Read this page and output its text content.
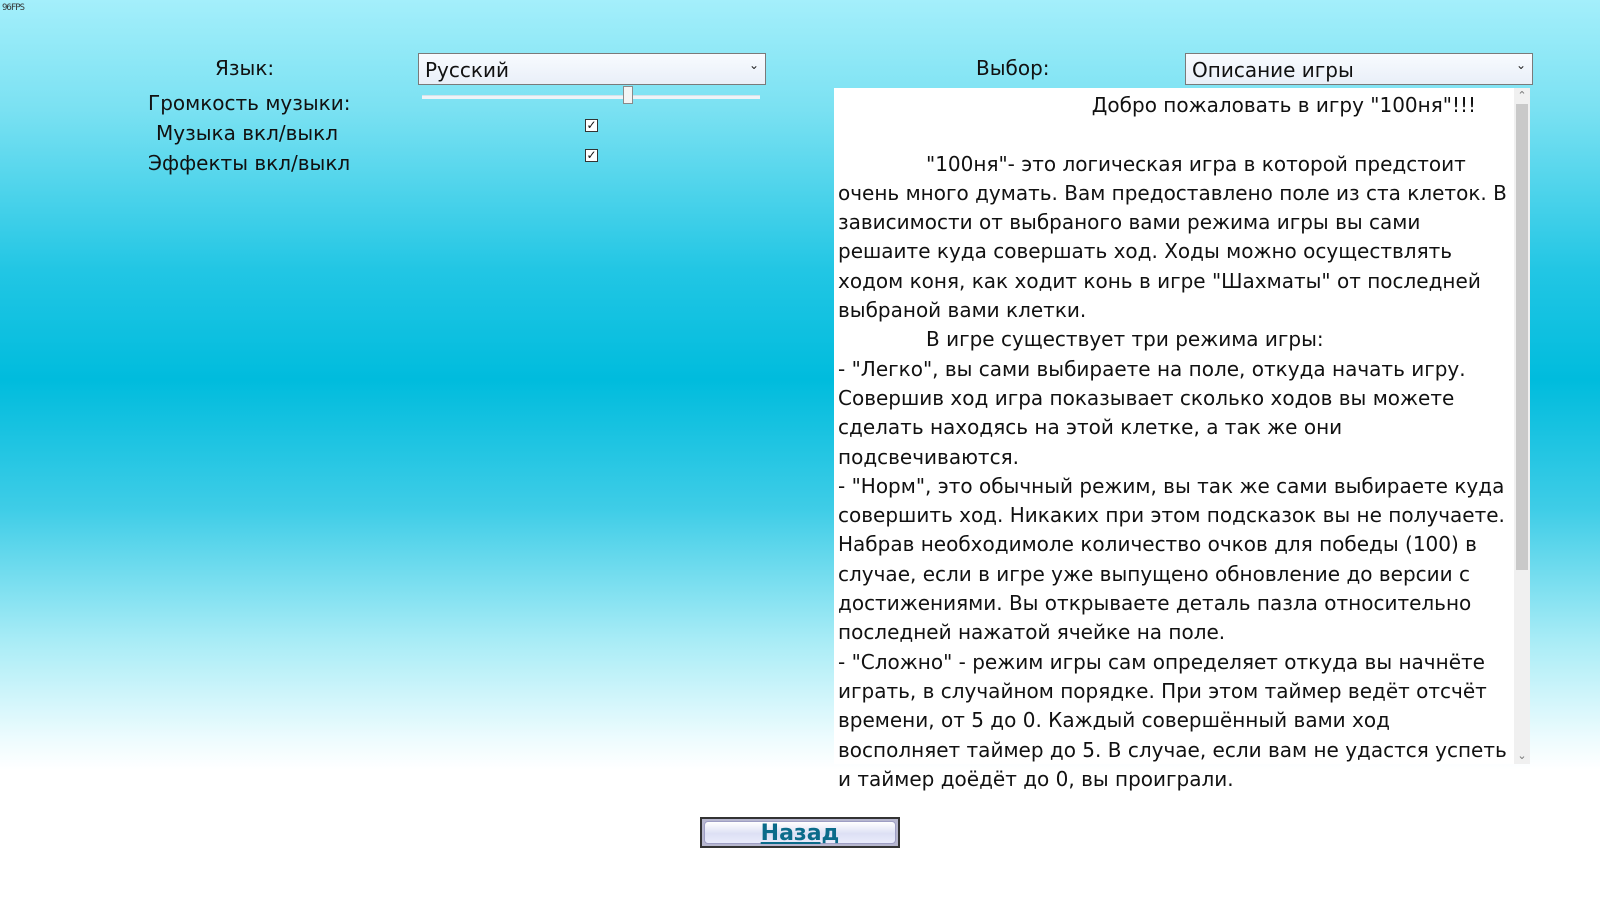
96FPS
Язык:	Русский	⌄
Громкость музыки:
Музыка вкл/выкл	✓
Эффекты вкл/выкл	✓
Выбор:	Описание игры	⌄

Добро пожаловать в игру "100ня"!!!

"100ня"- это логическая игра в которой предстоит очень много думать. Вам предоставлено поле из ста клеток. В зависимости от выбраного вами режима игры вы сами решаите куда совершать ход. Ходы можно осуществлять ходом коня, как ходит конь в игре "Шахматы" от последней выбраной вами клетки.

В игре существует три режима игры:

- "Легко", вы сами выбираете на поле, откуда начать игру. Совершив ход игра показывает сколько ходов вы можете сделать находясь на этой клетке, а так же они подсвечиваются.

- "Норм", это обычный режим, вы так же сами выбираете куда совершить ход. Никаких при этом подсказок вы не получаете. Набрав необходимоле количество очков для победы (100) в случае, если в игре уже выпущено обновление до версии с достижениями. Вы открываете деталь пазла относительно последней нажатой ячейке на поле.

- "Сложно" - режим игры сам определяет откуда вы начнёте играть, в случайном порядке. При этом таймер ведёт отсчёт времени, от 5 до 0. Каждый совершённый вами ход восполняет таймер до 5. В случае, если вам не удастся успеть и таймер доёдёт до 0, вы проиграли.

⌃
⌄
Назад
